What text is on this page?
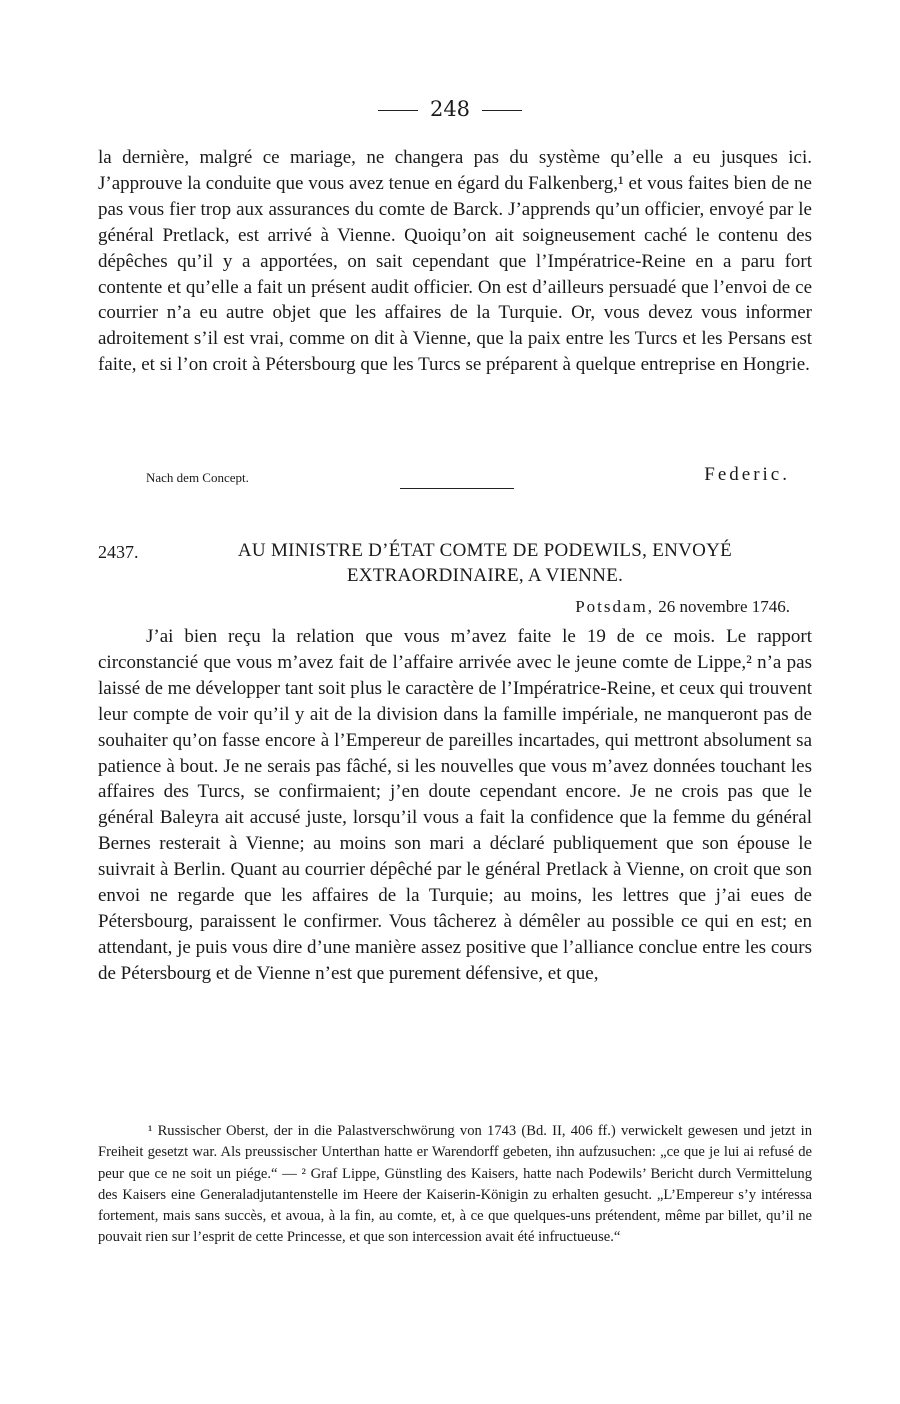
248

la dernière, malgré ce mariage, ne changera pas du système qu’elle a eu jusques ici. J’approuve la conduite que vous avez tenue en égard du Falkenberg,¹ et vous faites bien de ne pas vous fier trop aux assurances du comte de Barck. J’apprends qu’un officier, envoyé par le général Pretlack, est arrivé à Vienne. Quoiqu’on ait soigneusement caché le contenu des dépêches qu’il y a apportées, on sait cependant que l’Impératrice-Reine en a paru fort contente et qu’elle a fait un présent audit officier. On est d’ailleurs persuadé que l’envoi de ce courrier n’a eu autre objet que les affaires de la Turquie. Or, vous devez vous informer adroitement s’il est vrai, comme on dit à Vienne, que la paix entre les Turcs et les Persans est faite, et si l’on croit à Pétersbourg que les Turcs se préparent à quelque entreprise en Hongrie.

Nach dem Concept.	Federic.
2437.	AU MINISTRE D’ÉTAT COMTE DE PODEWILS, ENVOYÉ
EXTRAORDINAIRE, A VIENNE.
Potsdam, 26 novembre 1746.

J’ai bien reçu la relation que vous m’avez faite le 19 de ce mois. Le rapport circonstancié que vous m’avez fait de l’affaire arrivée avec le jeune comte de Lippe,² n’a pas laissé de me développer tant soit plus le caractère de l’Impératrice-Reine, et ceux qui trouvent leur compte de voir qu’il y ait de la division dans la famille impériale, ne manqueront pas de souhaiter qu’on fasse encore à l’Empereur de pareilles incartades, qui mettront absolument sa patience à bout. Je ne serais pas fâché, si les nouvelles que vous m’avez données touchant les affaires des Turcs, se confirmaient; j’en doute cependant encore. Je ne crois pas que le général Baleyra ait accusé juste, lorsqu’il vous a fait la confidence que la femme du général Bernes resterait à Vienne; au moins son mari a déclaré publiquement que son épouse le suivrait à Berlin. Quant au courrier dépêché par le général Pretlack à Vienne, on croit que son envoi ne regarde que les affaires de la Turquie; au moins, les lettres que j’ai eues de Pétersbourg, paraissent le confirmer. Vous tâcherez à démêler au possible ce qui en est; en attendant, je puis vous dire d’une manière assez positive que l’alliance conclue entre les cours de Pétersbourg et de Vienne n’est que purement défensive, et que,

¹ Russischer Oberst, der in die Palastverschwörung von 1743 (Bd. II, 406 ff.) verwickelt gewesen und jetzt in Freiheit gesetzt war. Als preussischer Unterthan hatte er Warendorff gebeten, ihn aufzusuchen: „ce que je lui ai refusé de peur que ce ne soit un piége.“ — ² Graf Lippe, Günstling des Kaisers, hatte nach Podewils’ Bericht durch Vermittelung des Kaisers eine Generaladjutantenstelle im Heere der Kaiserin-Königin zu erhalten gesucht. „L’Empereur s’y intéressa fortement, mais sans succès, et avoua, à la fin, au comte, et, à ce que quelques-uns prétendent, même par billet, qu’il ne pouvait rien sur l’esprit de cette Princesse, et que son intercession avait été infructueuse.“
